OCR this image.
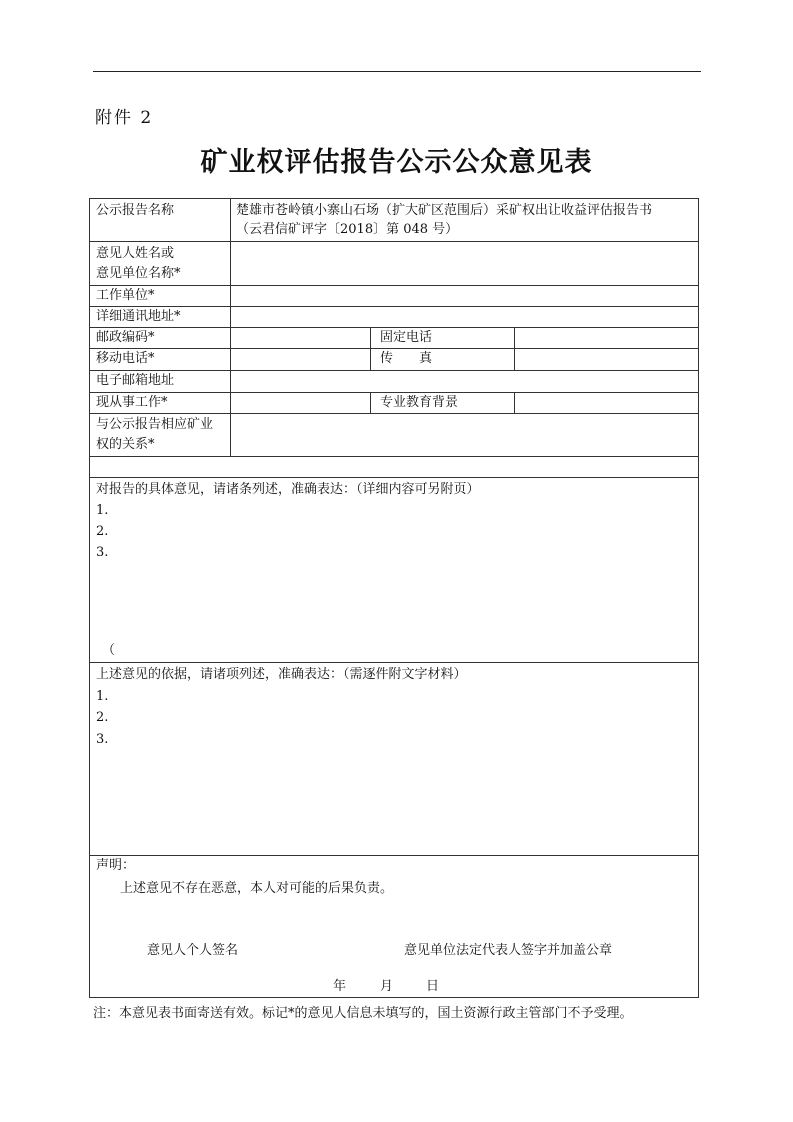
附件 2
矿业权评估报告公示公众意见表
公示报告名称	楚雄市苍岭镇小寨山石场（扩大矿区范围后）采矿权出让收益评估报告书
（云君信矿评字〔2018〕第 048 号）
意见人姓名或
意见单位名称*
工作单位*
详细通讯地址*
邮政编码*	固定电话
移动电话*	传　　真
电子邮箱地址
现从事工作*	专业教育背景
与公示报告相应矿业
权的关系*
对报告的具体意见，请诸条列述，准确表达：（详细内容可另附页）
1.
2.
3.
（
上述意见的依据，请诸项列述，准确表达：（需逐件附文字材料）
1.
2.
3.
声明：
上述意见不存在恶意，本人对可能的后果负责。
意见人个人签名	意见单位法定代表人签字并加盖公章
年	月	日
注：本意见表书面寄送有效。标记*的意见人信息未填写的，国土资源行政主管部门不予受理。
